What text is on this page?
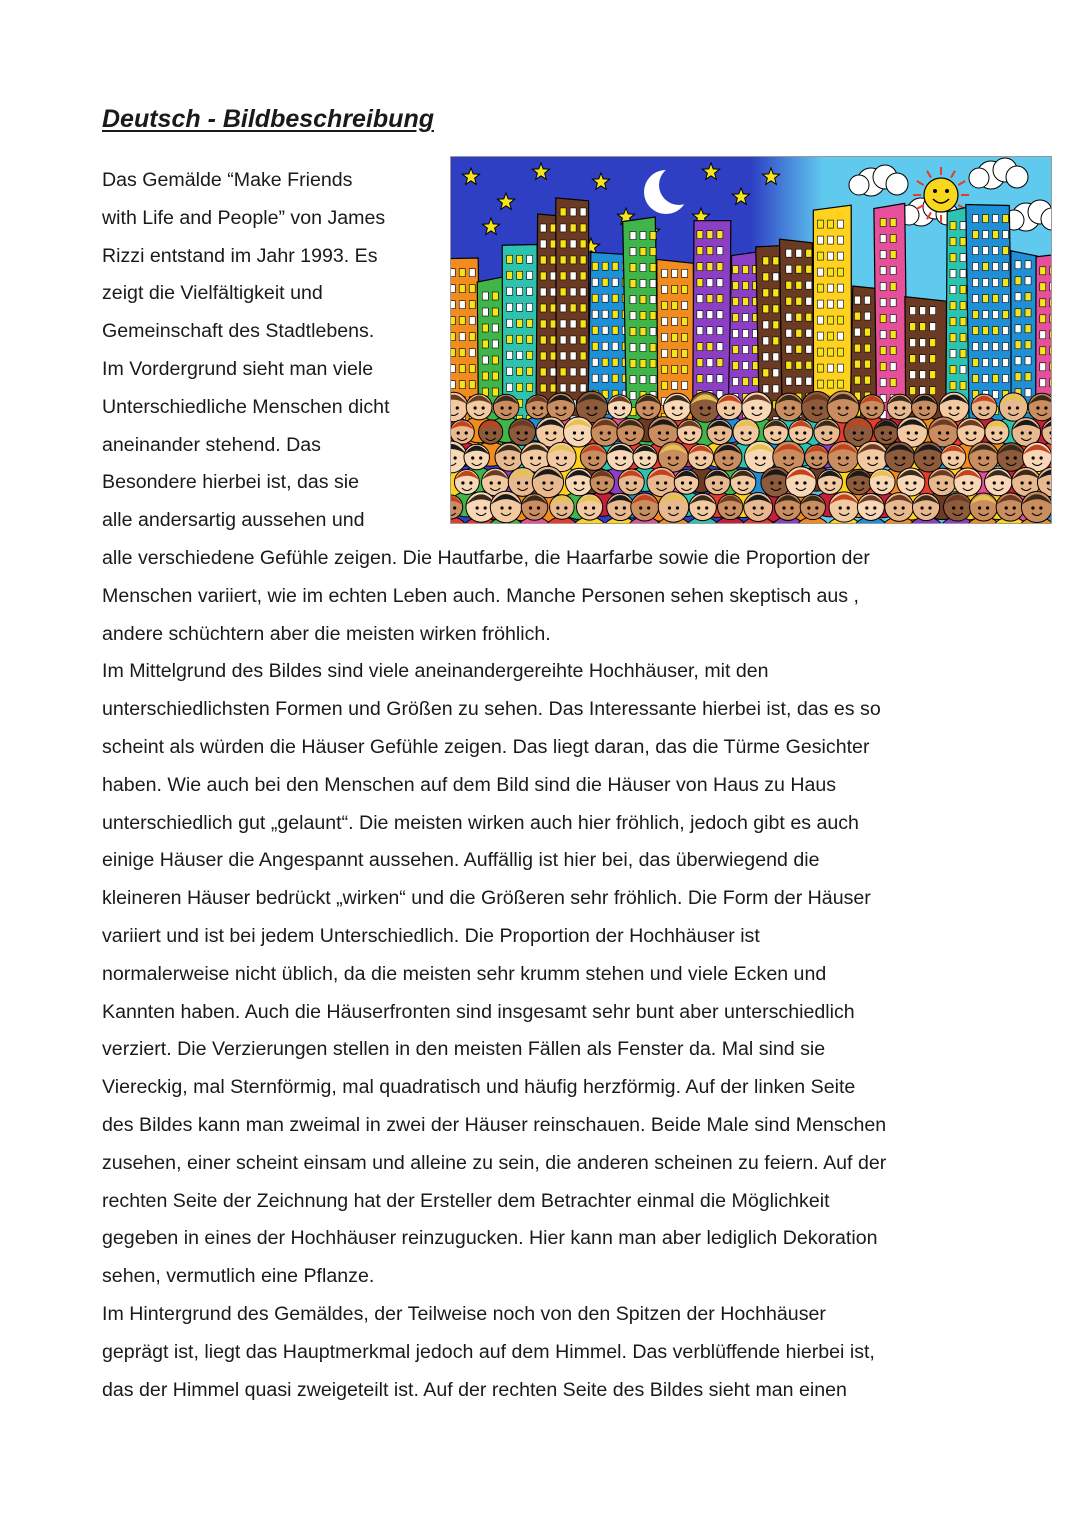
Deutsch - Bildbeschreibung

Das Gemälde “Make Friends
with Life and People” von James
Rizzi entstand im Jahr 1993. Es
zeigt die Vielfältigkeit und
Gemeinschaft des Stadtlebens.
Im Vordergrund sieht man viele
Unterschiedliche Menschen dicht
aneinander stehend. Das
Besondere hierbei ist, das sie
alle andersartig aussehen und
alle verschiedene Gefühle zeigen. Die Hautfarbe, die Haarfarbe sowie die Proportion der
Menschen variiert, wie im echten Leben auch. Manche Personen sehen skeptisch aus ,
andere schüchtern aber die meisten wirken fröhlich.

Im Mittelgrund des Bildes sind viele aneinandergereihte Hochhäuser, mit den
unterschiedlichsten Formen und Größen zu sehen. Das Interessante hierbei ist, das es so
scheint als würden die Häuser Gefühle zeigen. Das liegt daran, das die Türme Gesichter
haben. Wie auch bei den Menschen auf dem Bild sind die Häuser von Haus zu Haus
unterschiedlich gut „gelaunt“. Die meisten wirken auch hier fröhlich, jedoch gibt es auch
einige Häuser die Angespannt aussehen. Auffällig ist hier bei, das überwiegend die
kleineren Häuser bedrückt „wirken“ und die Größeren sehr fröhlich. Die Form der Häuser
variiert und ist bei jedem Unterschiedlich. Die Proportion der Hochhäuser ist
normalerweise nicht üblich, da die meisten sehr krumm stehen und viele Ecken und
Kannten haben. Auch die Häuserfronten sind insgesamt sehr bunt aber unterschiedlich
verziert. Die Verzierungen stellen in den meisten Fällen als Fenster da. Mal sind sie
Viereckig, mal Sternförmig, mal quadratisch und häufig herzförmig. Auf der linken Seite
des Bildes kann man zweimal in zwei der Häuser reinschauen. Beide Male sind Menschen
zusehen, einer scheint einsam und alleine zu sein, die anderen scheinen zu feiern. Auf der
rechten Seite der Zeichnung hat der Ersteller dem Betrachter einmal die Möglichkeit
gegeben in eines der Hochhäuser reinzugucken. Hier kann man aber lediglich Dekoration
sehen, vermutlich eine Pflanze.

Im Hintergrund des Gemäldes, der Teilweise noch von den Spitzen der Hochhäuser
geprägt ist, liegt das Hauptmerkmal jedoch auf dem Himmel. Das verblüffende hierbei ist,
das der Himmel quasi zweigeteilt ist. Auf der rechten Seite des Bildes sieht man einen
